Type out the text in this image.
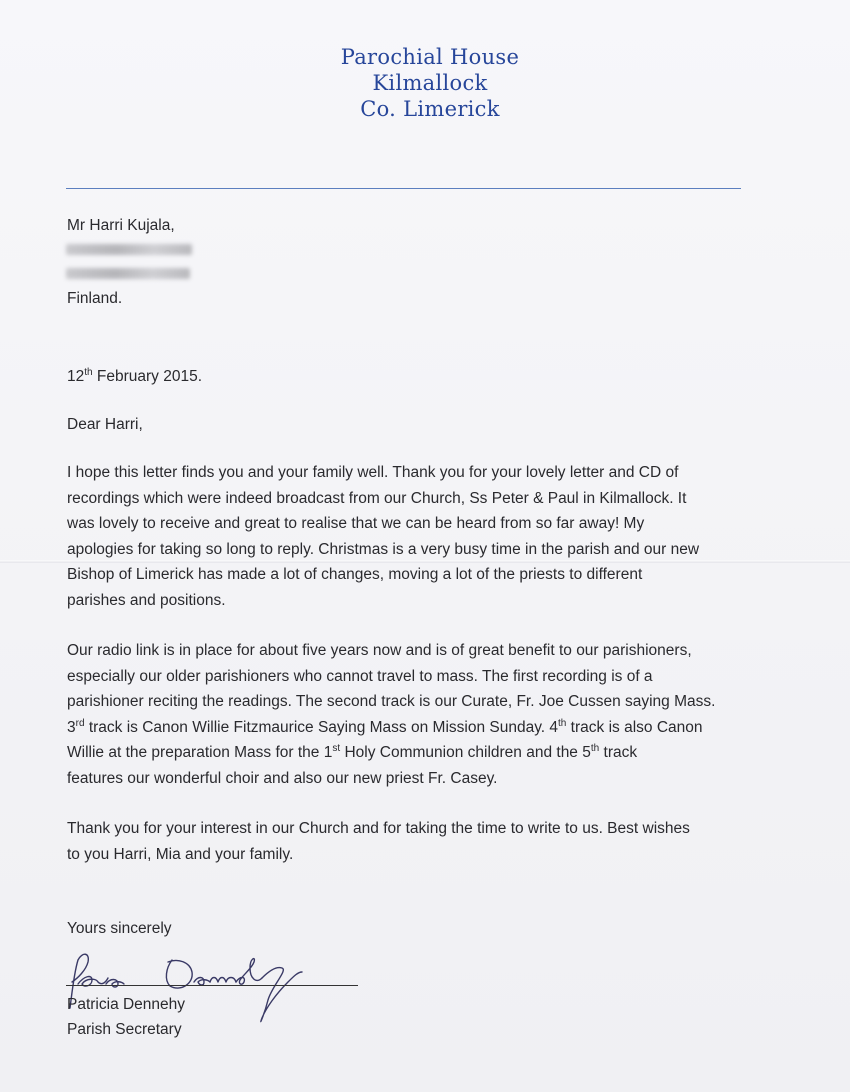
Parochial House
Kilmallock
Co. Limerick
Mr Harri Kujala,
Finland.
12th February 2015.
Dear Harri,

I hope this letter finds you and your family well. Thank you for your lovely letter and CD of

recordings which were indeed broadcast from our Church, Ss Peter & Paul in Kilmallock. It

was lovely to receive and great to realise that we can be heard from so far away! My

apologies for taking so long to reply. Christmas is a very busy time in the parish and our new

Bishop of Limerick has made a lot of changes, moving a lot of the priests to different

parishes and positions.

Our radio link is in place for about five years now and is of great benefit to our parishioners,

especially our older parishioners who cannot travel to mass. The first recording is of a

parishioner reciting the readings. The second track is our Curate, Fr. Joe Cussen saying Mass.

3rd track is Canon Willie Fitzmaurice Saying Mass on Mission Sunday. 4th track is also Canon

Willie at the preparation Mass for the 1st Holy Communion children and the 5th track

features our wonderful choir and also our new priest Fr. Casey.

Thank you for your interest in our Church and for taking the time to write to us. Best wishes

to you Harri, Mia and your family.

Yours sincerely
Patricia Dennehy
Parish Secretary
